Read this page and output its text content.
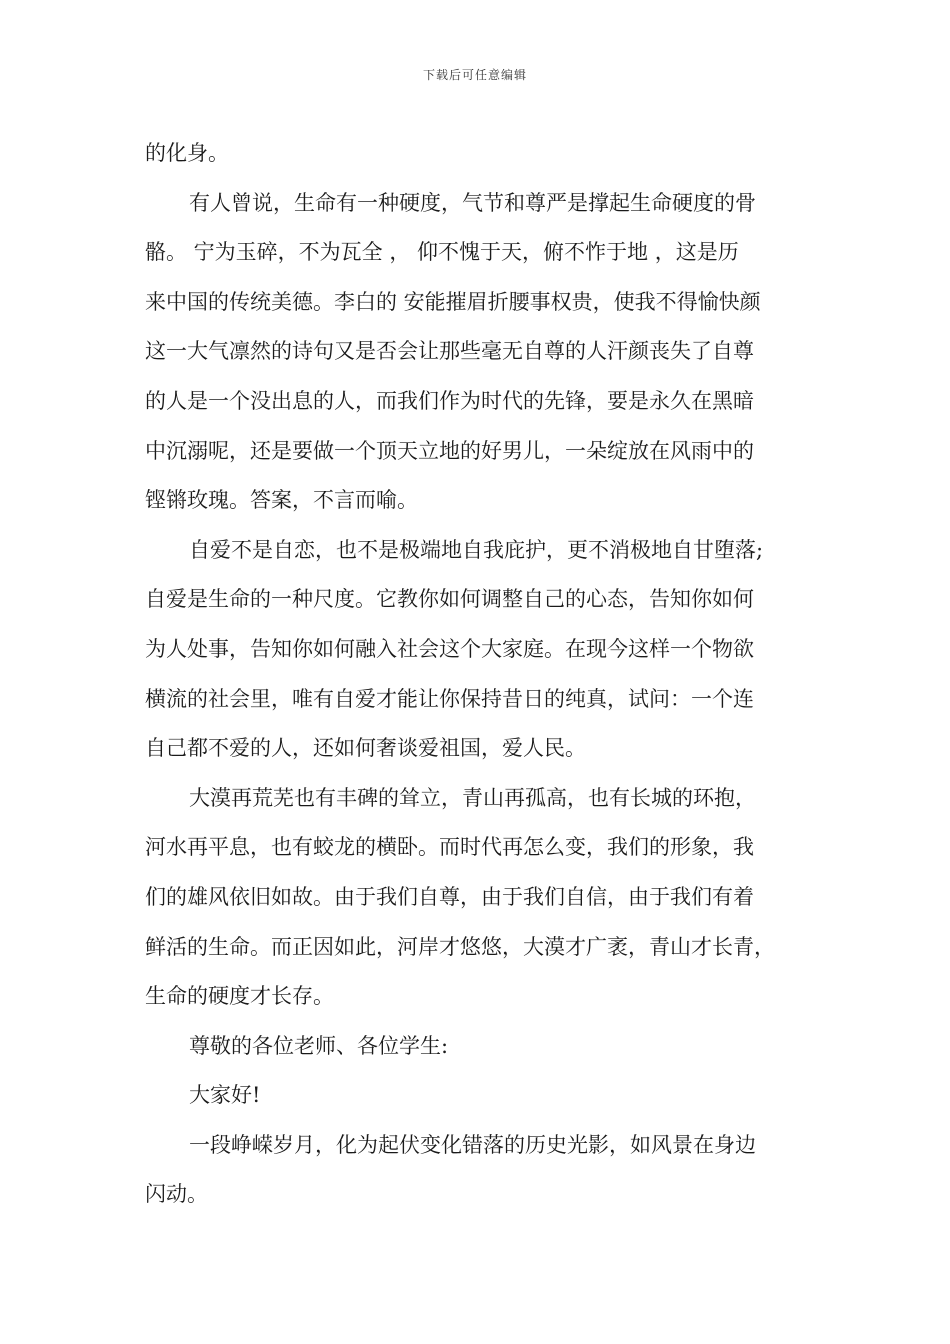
下载后可任意编辑
的化身。
有人曾说，生命有一种硬度，气节和尊严是撑起生命硬度的骨
骼。 宁为玉碎，不为瓦全 ， 仰不愧于天，俯不怍于地 ，这是历
来中国的传统美德。李白的 安能摧眉折腰事权贵，使我不得愉快颜
这一大气凛然的诗句又是否会让那些毫无自尊的人汗颜丧失了自尊
的人是一个没出息的人，而我们作为时代的先锋，要是永久在黑暗
中沉溺呢，还是要做一个顶天立地的好男儿，一朵绽放在风雨中的
铿锵玫瑰。答案，不言而喻。
自爱不是自恋，也不是极端地自我庇护，更不消极地自甘堕落;
自爱是生命的一种尺度。它教你如何调整自己的心态，告知你如何
为人处事，告知你如何融入社会这个大家庭。在现今这样一个物欲
横流的社会里，唯有自爱才能让你保持昔日的纯真，试问：一个连
自己都不爱的人，还如何奢谈爱祖国，爱人民。
大漠再荒芜也有丰碑的耸立，青山再孤高，也有长城的环抱，
河水再平息，也有蛟龙的横卧。而时代再怎么变，我们的形象，我
们的雄风依旧如故。由于我们自尊，由于我们自信，由于我们有着
鲜活的生命。而正因如此，河岸才悠悠，大漠才广袤，青山才长青，
生命的硬度才长存。
尊敬的各位老师、各位学生:
大家好!
一段峥嵘岁月，化为起伏变化错落的历史光影，如风景在身边
闪动。
